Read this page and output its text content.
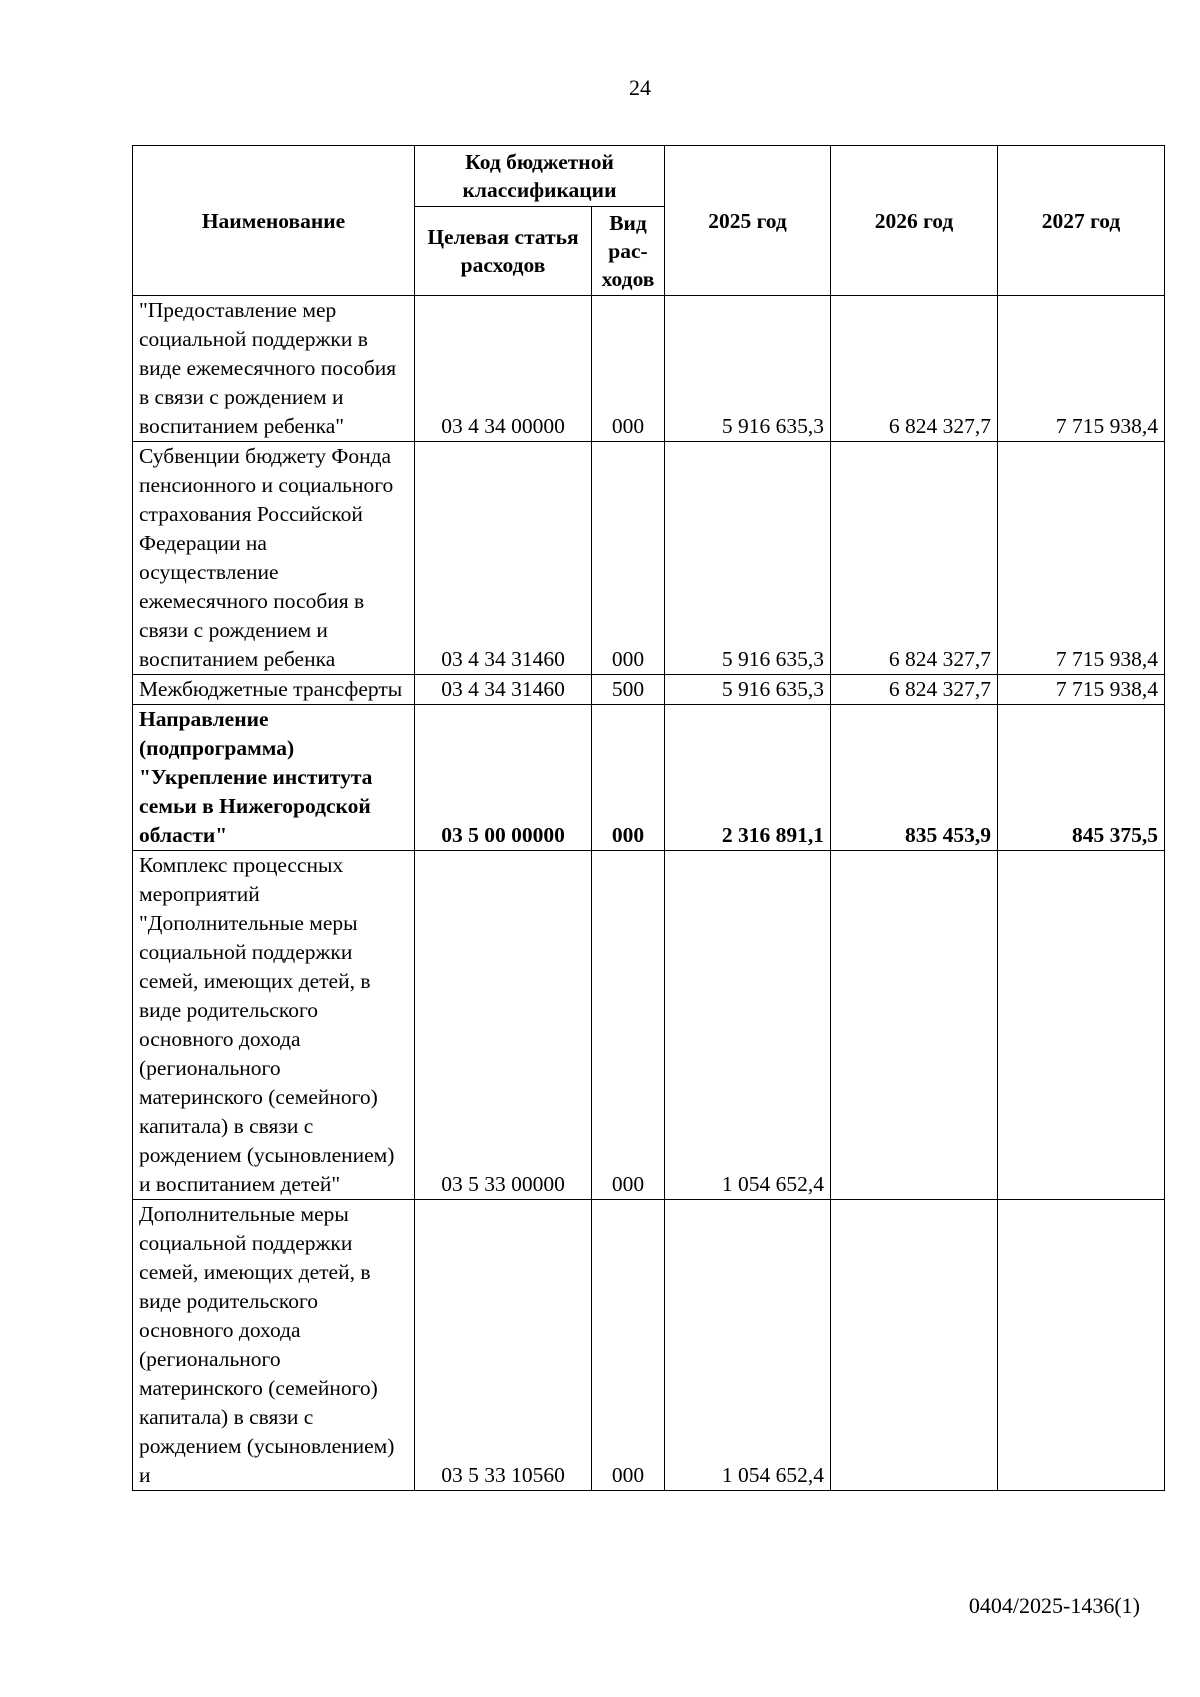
24
Наименование	Код бюджетной классификации		2025 год	2026 год	2027 год
	Целевая статья расходов	Вид рас-ходов			
"Предоставление мер социальной поддержки в виде ежемесячного пособия в связи с рождением и воспитанием ребенка"	03 4 34 00000	000	5 916 635,3	6 824 327,7	7 715 938,4
Субвенции бюджету Фонда пенсионного и социального страхования Российской Федерации на осуществление ежемесячного пособия в связи с рождением и воспитанием ребенка	03 4 34 31460	000	5 916 635,3	6 824 327,7	7 715 938,4
Межбюджетные трансферты	03 4 34 31460	500	5 916 635,3	6 824 327,7	7 715 938,4
Направление (подпрограмма) "Укрепление института семьи в Нижегородской области"	03 5 00 00000	000	2 316 891,1	835 453,9	845 375,5
Комплекс процессных мероприятий "Дополнительные меры социальной поддержки семей, имеющих детей, в виде родительского основного дохода (регионального материнского (семейного) капитала) в связи с рождением (усыновлением) и воспитанием детей"	03 5 33 00000	000	1 054 652,4		
Дополнительные меры социальной поддержки семей, имеющих детей, в виде родительского основного дохода (регионального материнского (семейного) капитала) в связи с рождением (усыновлением) и	03 5 33 10560	000	1 054 652,4		
0404/2025-1436(1)
